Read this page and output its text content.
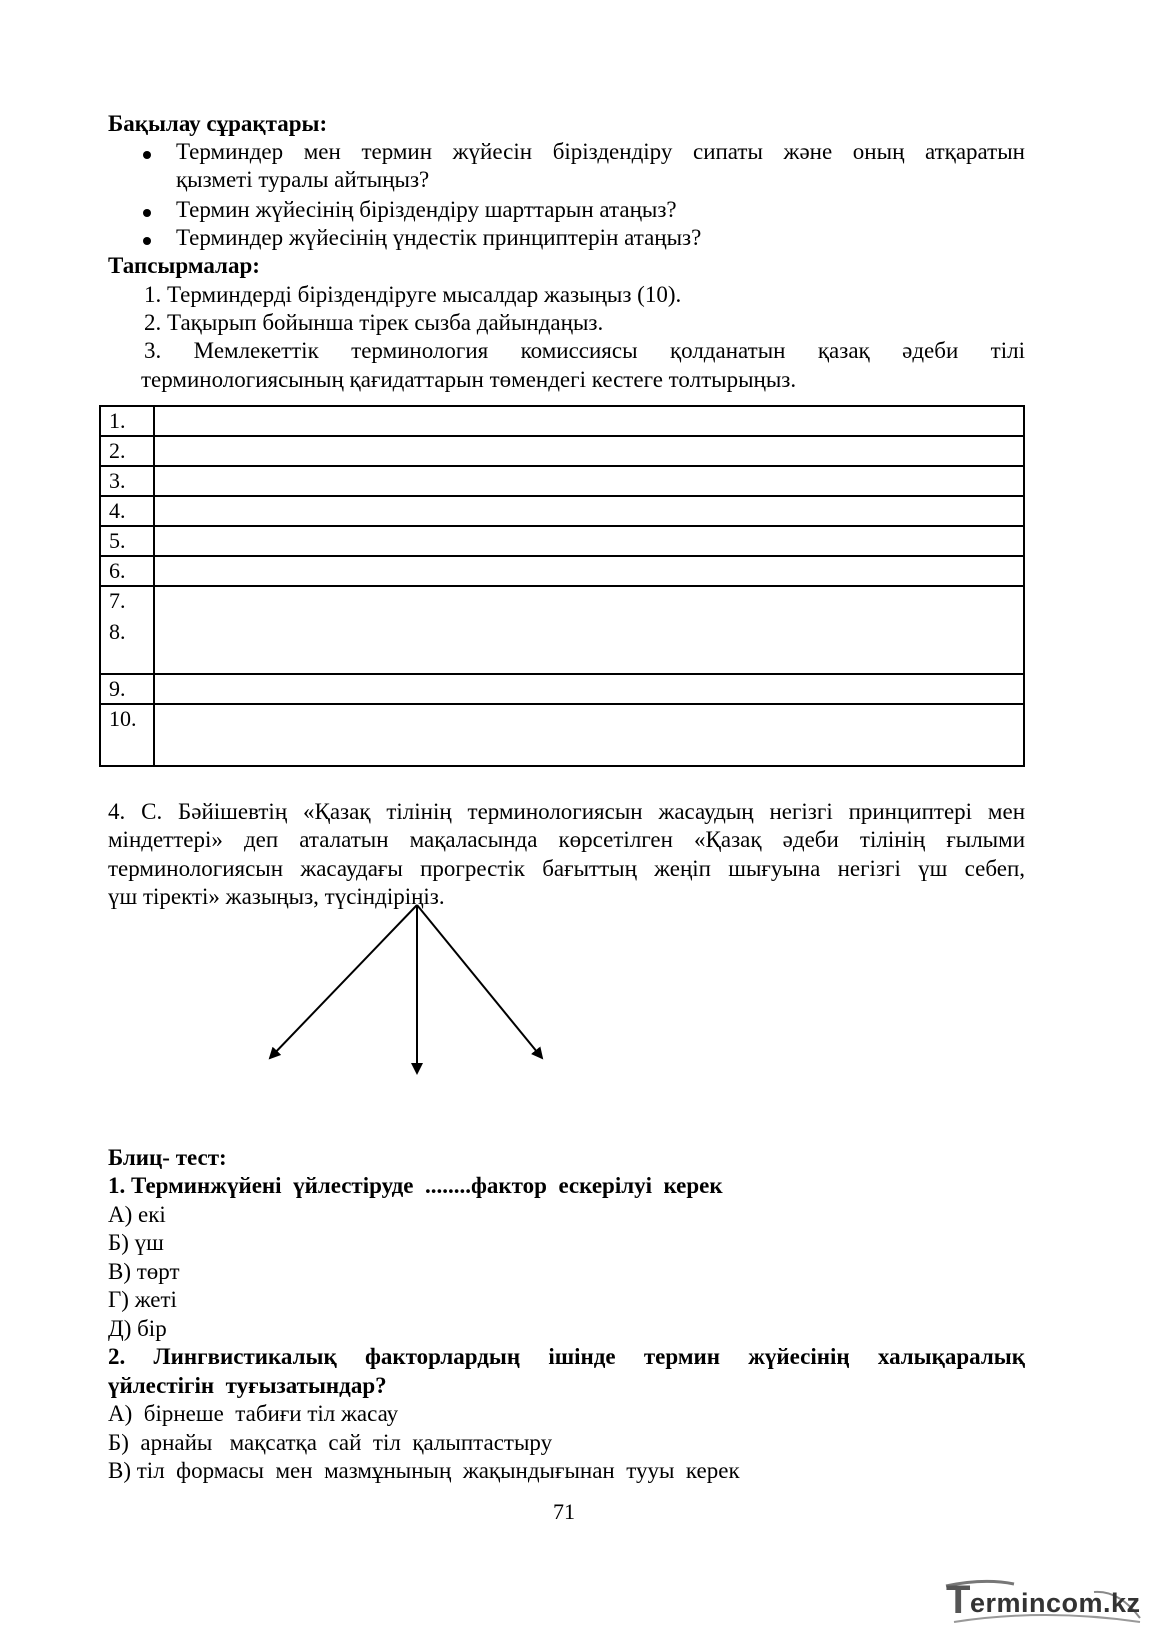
Бақылау сұрақтары:
Терминдер мен термин жүйесін біріздендіру сипаты және оның атқаратын
қызметі туралы айтыңыз?
Термин жүйесінің біріздендіру шарттарын атаңыз?
Терминдер жүйесінің үндестік принциптерін атаңыз?
Тапсырмалар:
1. Терминдерді біріздендіруге мысалдар жазыңыз (10).
2. Тақырып бойынша тірек сызба дайындаңыз.
3. Мемлекеттік терминология комиссиясы қолданатын қазақ әдеби тілі
терминологиясының қағидаттарын төмендегі кестеге толтырыңыз.
1.	
2.	
3.	
4.	
5.	
6.	

7.
8.	

9.	
10.	
4. С. Бәйішевтің «Қазақ тілінің терминологиясын жасаудың негізгі принциптері мен
міндеттері» деп аталатын мақаласында көрсетілген «Қазақ әдеби тілінің ғылыми
терминологиясын жасаудағы прогрестік бағыттың жеңіп шығуына негізгі үш себеп,
үш тіректі» жазыңыз, түсіндіріңіз.
Блиц- тест:
1. Терминжүйені  үйлестіруде  ........фактор  ескерілуі  керек
А) екі
Б) үш
В) төрт
Г) жеті
Д) бір
2. Лингвистикалық факторлардың ішінде термин жүйесінің халықаралық
үйлестігін  туғызатындар?
А)  бірнеше  табиғи тіл жасау
Б)  арнайы   мақсатқа  сай  тіл  қалыптастыру
В) тіл  формасы  мен  мазмұнының  жақындығынан  тууы  керек
71
T ermincom.kz
